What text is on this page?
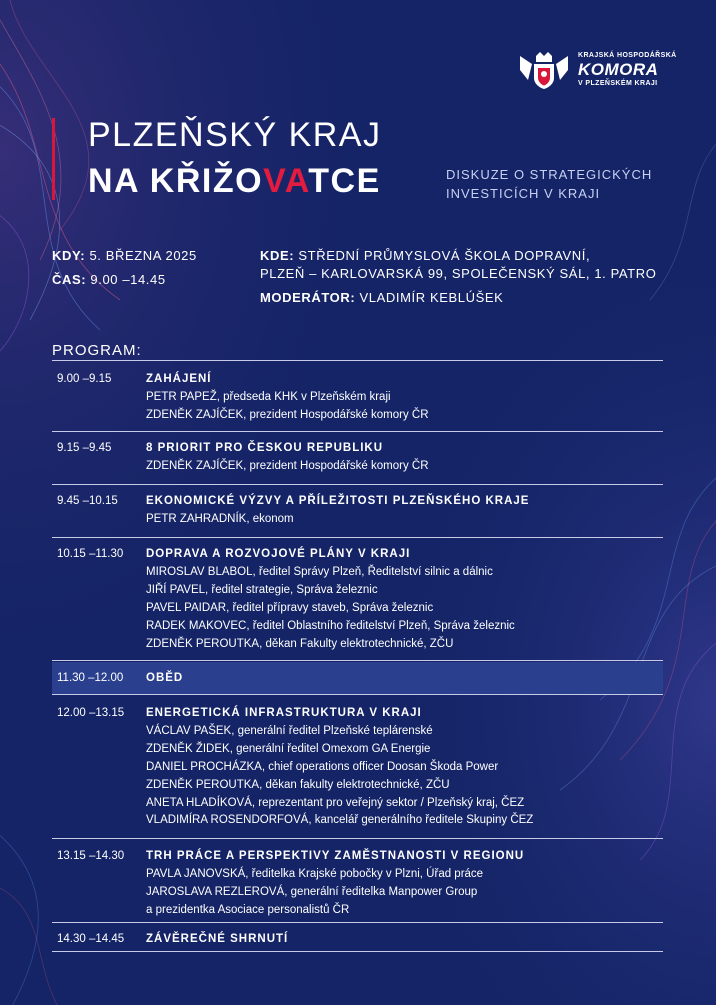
KRAJSKÁ HOSPODÁŘSKÁ
KOMORA
V PLZEŇSKÉM KRAJI
PLZEŇSKÝ KRAJ
NA KŘIŽOVATCE	DISKUZE O STRATEGICKÝCH
INVESTICÍCH V KRAJI
KDY: 5. BŘEZNA 2025
ČAS: 9.00 –14.45
KDE: STŘEDNÍ PRŮMYSLOVÁ ŠKOLA DOPRAVNÍ,
PLZEŇ – KARLOVARSKÁ 99, SPOLEČENSKÝ SÁL, 1. PATRO
MODERÁTOR: VLADIMÍR KEBLÚŠEK
PROGRAM:
9.00 –9.15	ZAHÁJENÍ
PETR PAPEŽ, předseda KHK v Plzeňském kraji
ZDENĚK ZAJÍČEK, prezident Hospodářské komory ČR
9.15 –9.45	8 PRIORIT PRO ČESKOU REPUBLIKU
ZDENĚK ZAJÍČEK, prezident Hospodářské komory ČR
9.45 –10.15 EKONOMICKÉ VÝZVY A PŘÍLEŽITOSTI PLZEŇSKÉHO KRAJE
PETR ZAHRADNÍK, ekonom
10.15 –11.30 DOPRAVA A ROZVOJOVÉ PLÁNY V KRAJI
MIROSLAV BLABOL, ředitel Správy Plzeň, Ředitelství silnic a dálnic
JIŘÍ PAVEL, ředitel strategie, Správa železnic
PAVEL PAIDAR, ředitel přípravy staveb, Správa železnic
RADEK MAKOVEC, ředitel Oblastního ředitelství Plzeň, Správa železnic
ZDENĚK PEROUTKA, děkan Fakulty elektrotechnické, ZČU
11.30 –12.00 OBĚD
12.00 –13.15 ENERGETICKÁ INFRASTRUKTURA V KRAJI
VÁCLAV PAŠEK, generální ředitel Plzeňské teplárenské
ZDENĚK ŽIDEK, generální ředitel Omexom GA Energie
DANIEL PROCHÁZKA, chief operations officer Doosan Škoda Power
ZDENĚK PEROUTKA, děkan fakulty elektrotechnické, ZČU
ANETA HLADÍKOVÁ, reprezentant pro veřejný sektor / Plzeňský kraj, ČEZ
VLADIMÍRA ROSENDORFOVÁ, kancelář generálního ředitele Skupiny ČEZ
13.15 –14.30 TRH PRÁCE A PERSPEKTIVY ZAMĚSTNANOSTI V REGIONU
PAVLA JANOVSKÁ, ředitelka Krajské pobočky v Plzni, Úřad práce
JAROSLAVA REZLEROVÁ, generální ředitelka Manpower Group
a prezidentka Asociace personalistů ČR
14.30 –14.45 ZÁVĚREČNÉ SHRNUTÍ
